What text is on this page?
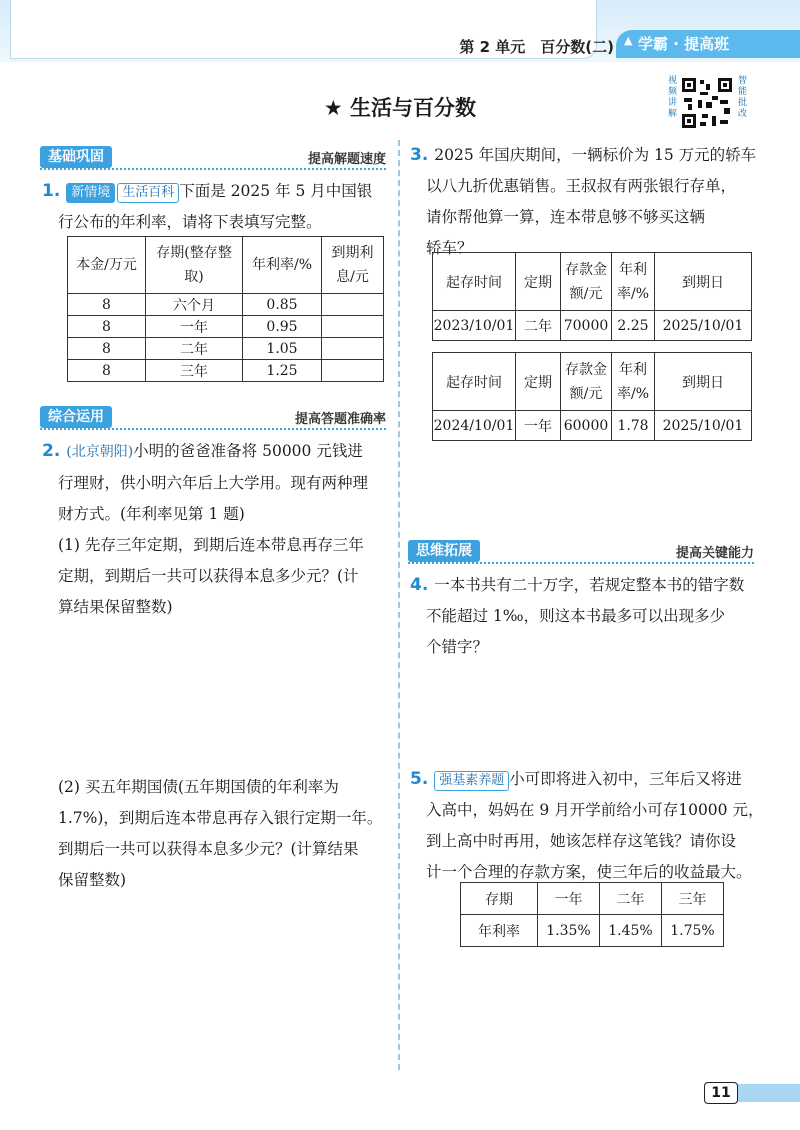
第 2 单元　百分数(二)	学霸 · 提高班
▲
★ 生活与百分数
视频讲解
智能批改
基础巩固	提高解题速度
1. 新情境 生活百科 下面是 2025 年 5 月中国银
行公布的年利率，请将下表填写完整。
本金/万元	存期(整存整取)	年利率/%	到期利息/元
8	六个月	0.85	
8	一年	0.95	
8	二年	1.05	
8	三年	1.25	
综合运用	提高答题准确率
2. (北京朝阳)小明的爸爸准备将 50000 元钱进
行理财，供小明六年后上大学用。现有两种理
财方式。(年利率见第 1 题)
(1) 先存三年定期，到期后连本带息再存三年
定期，到期后一共可以获得本息多少元？(计
算结果保留整数)
(2) 买五年期国债(五年期国债的年利率为
1.7%)，到期后连本带息再存入银行定期一年。
到期后一共可以获得本息多少元？(计算结果
保留整数)
3. 2025 年国庆期间，一辆标价为 15 万元的轿车
以八九折优惠销售。王叔叔有两张银行存单，
请你帮他算一算，连本带息够不够买这辆
轿车？
起存时间	定期	存款金额/元	年利率/%	到期日
2023/10/01	二年	70000	2.25	2025/10/01
起存时间	定期	存款金额/元	年利率/%	到期日
2024/10/01	一年	60000	1.78	2025/10/01
思维拓展	提高关键能力
4. 一本书共有二十万字，若规定整本书的错字数
不能超过 1‰，则这本书最多可以出现多少
个错字？
5. 强基素养题 小可即将进入初中，三年后又将进
入高中，妈妈在 9 月开学前给小可存10000 元，
到上高中时再用，她该怎样存这笔钱？请你设
计一个合理的存款方案，使三年后的收益最大。
存期	一年	二年	三年
年利率	1.35%	1.45%	1.75%
11
